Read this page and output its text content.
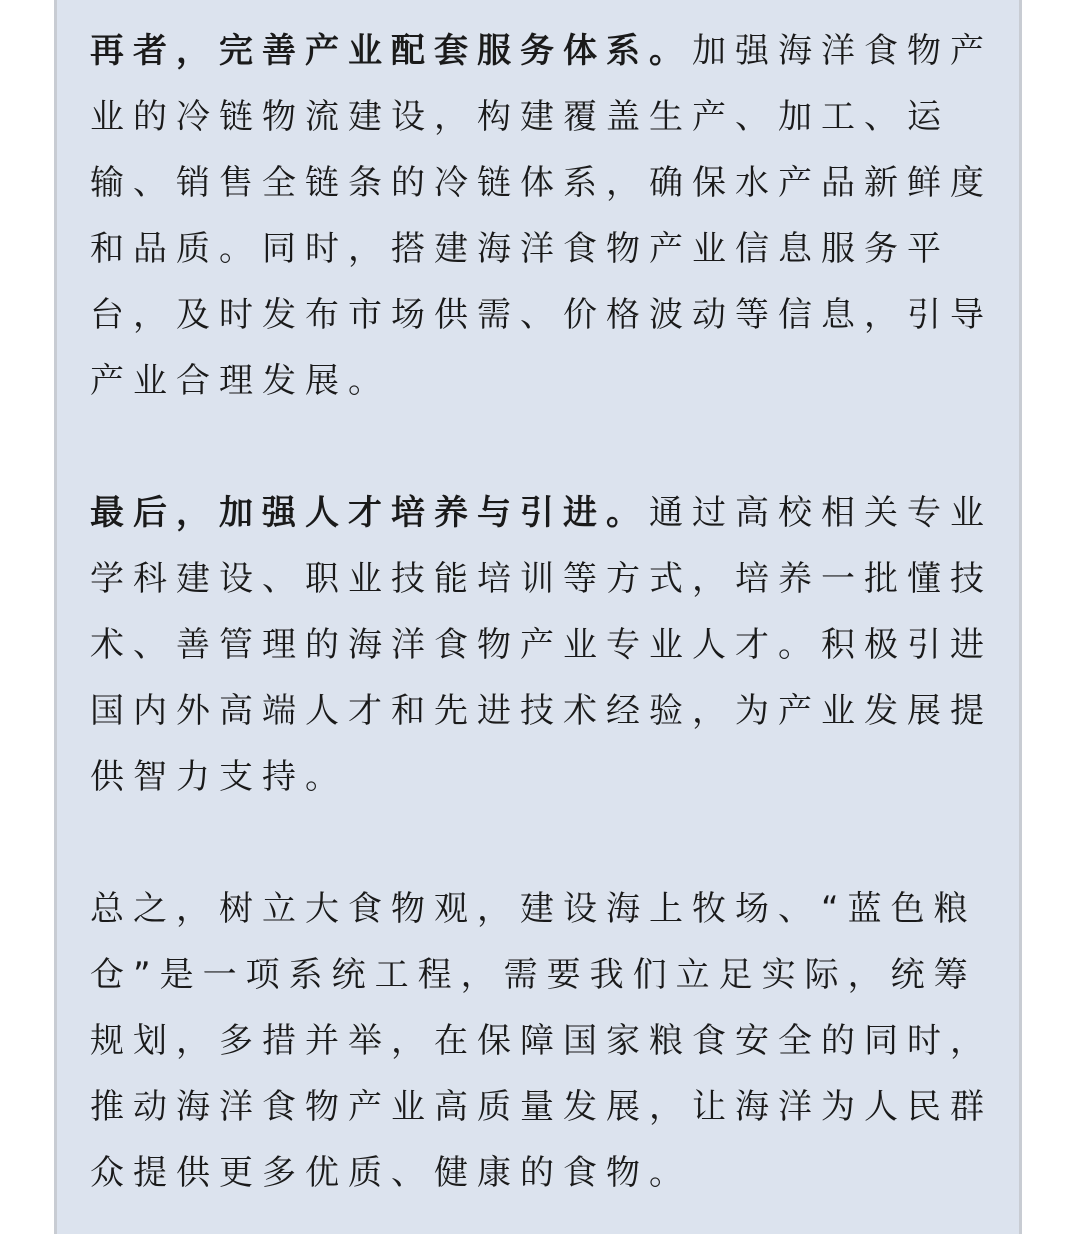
再者，完善产业配套服务体系。加强海洋食物产业的冷链物流建设，构建覆盖生产、加工、运输、销售全链条的冷链体系，确保水产品新鲜度和品质。同时，搭建海洋食物产业信息服务平台，及时发布市场供需、价格波动等信息，引导产业合理发展。

最后，加强人才培养与引进。通过高校相关专业学科建设、职业技能培训等方式，培养一批懂技术、善管理的海洋食物产业专业人才。积极引进国内外高端人才和先进技术经验，为产业发展提供智力支持。

总之，树立大食物观，建设海上牧场、“蓝色粮仓”是一项系统工程，需要我们立足实际，统筹规划，多措并举，在保障国家粮食安全的同时，推动海洋食物产业高质量发展，让海洋为人民群众提供更多优质、健康的食物。
